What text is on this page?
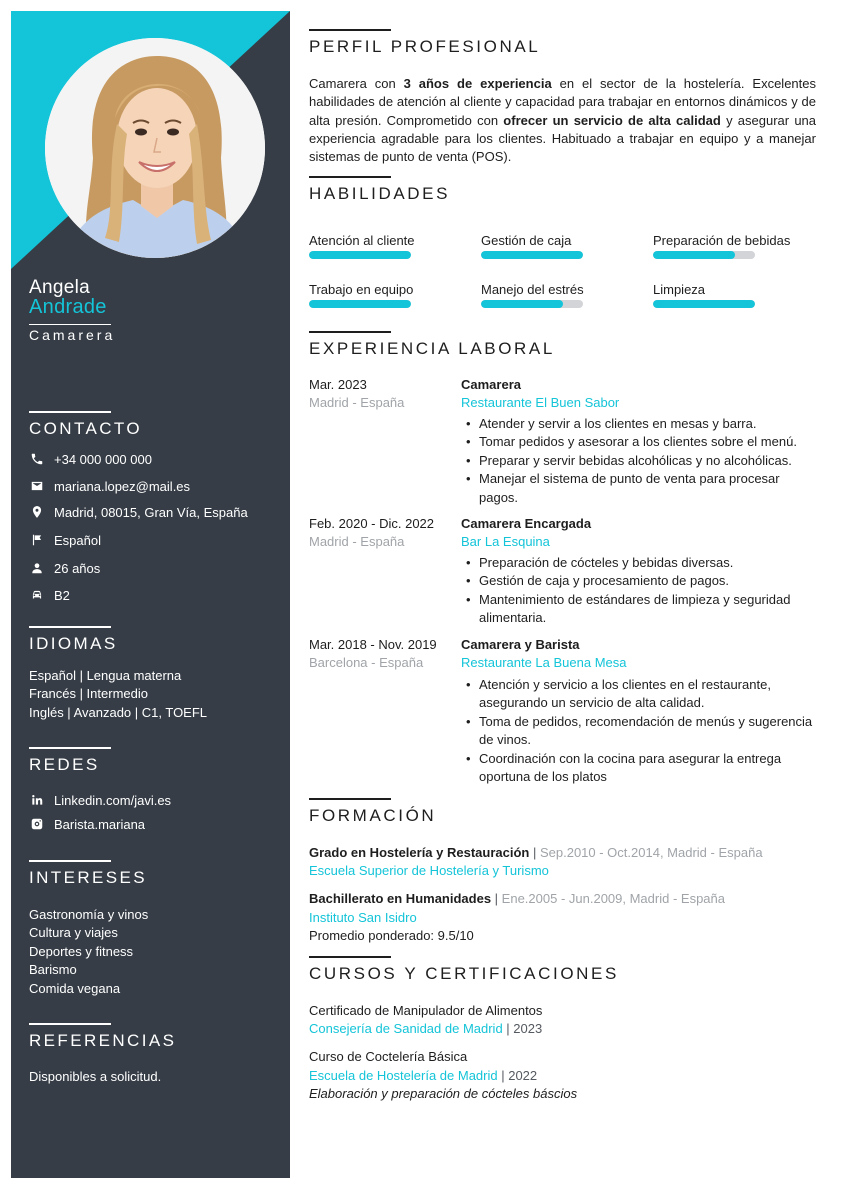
Angela
Andrade
Camarera
CONTACTO
+34 000 000 000
mariana.lopez@mail.es
Madrid, 08015, Gran Vía, España
Español
26 años
B2
IDIOMAS
Español | Lengua materna
Francés | Intermedio
Inglés | Avanzado | C1, TOEFL
REDES
Linkedin.com/javi.es
Barista.mariana
INTERESES
Gastronomía y vinos
Cultura y viajes
Deportes y fitness
Barismo
Comida vegana
REFERENCIAS
Disponibles a solicitud.
PERFIL PROFESIONAL
Camarera con 3 años de experiencia en el sector de la hostelería. Excelentes habilidades de atención al cliente y capacidad para trabajar en entornos dinámicos y de alta presión. Comprometido con ofrecer un servicio de alta calidad y asegurar una experiencia agradable para los clientes. Habituado a trabajar en equipo y a manejar sistemas de punto de venta (POS).
HABILIDADES
Atención al cliente	Gestión de caja	Preparación de bebidas
Trabajo en equipo	Manejo del estrés	Limpieza
EXPERIENCIA LABORAL
Mar. 2023
Madrid - España
Camarera
Restaurante El Buen Sabor
• Atender y servir a los clientes en mesas y barra.
• Tomar pedidos y asesorar a los clientes sobre el menú.
• Preparar y servir bebidas alcohólicas y no alcohólicas.
• Manejar el sistema de punto de venta para procesar pagos.
Feb. 2020 - Dic. 2022
Madrid - España
Camarera Encargada
Bar La Esquina
• Preparación de cócteles y bebidas diversas.
• Gestión de caja y procesamiento de pagos.
• Mantenimiento de estándares de limpieza y seguridad alimentaria.
Mar. 2018 - Nov. 2019
Barcelona - España
Camarera y Barista
Restaurante La Buena Mesa
• Atención y servicio a los clientes en el restaurante, asegurando un servicio de alta calidad.
• Toma de pedidos, recomendación de menús y sugerencia de vinos.
• Coordinación con la cocina para asegurar la entrega oportuna de los platos
FORMACIÓN
Grado en Hostelería y Restauración | Sep.2010 - Oct.2014, Madrid - España
Escuela Superior de Hostelería y Turismo
Bachillerato en Humanidades | Ene.2005 - Jun.2009, Madrid - España
Instituto San Isidro
Promedio ponderado: 9.5/10
CURSOS Y CERTIFICACIONES
Certificado de Manipulador de Alimentos
Consejería de Sanidad de Madrid | 2023
Curso de Coctelería Básica
Escuela de Hostelería de Madrid | 2022
Elaboración y preparación de cócteles báscios
